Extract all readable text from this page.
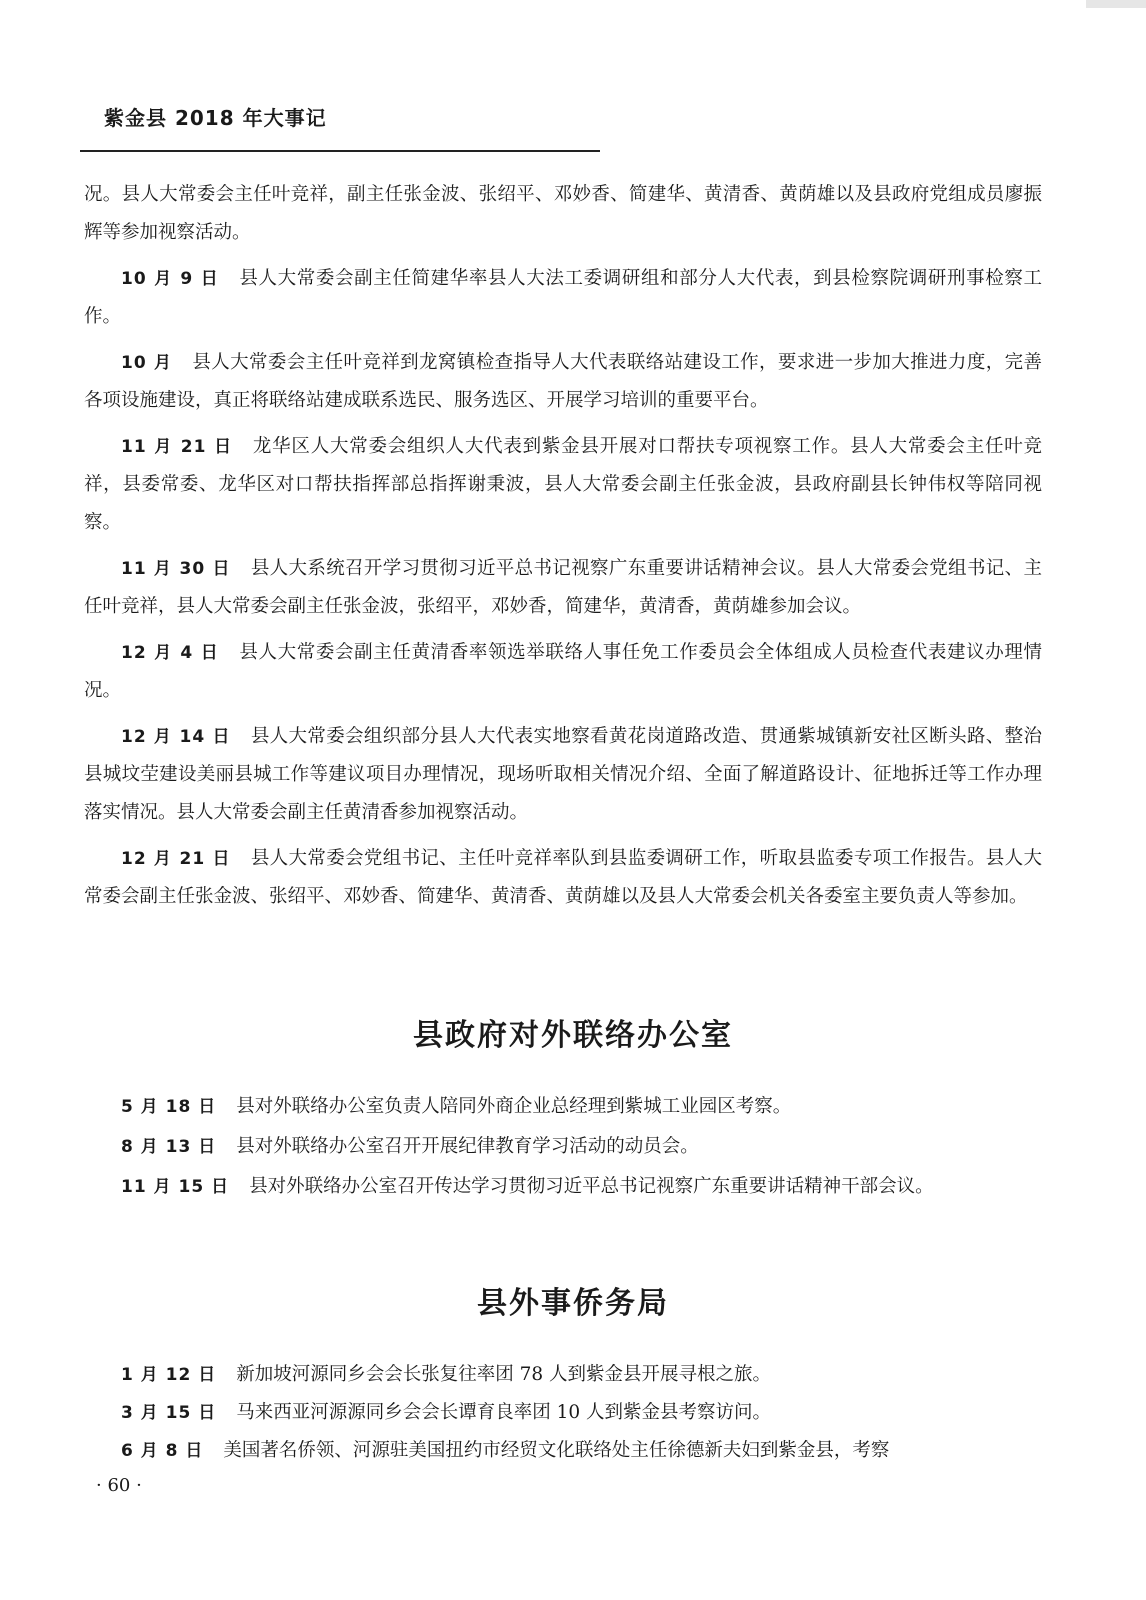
紫金县 2018 年大事记

况。县人大常委会主任叶竞祥，副主任张金波、张绍平、邓妙香、简建华、黄清香、黄荫雄以及县政府党组成员廖振辉等参加视察活动。

10 月 9 日 县人大常委会副主任简建华率县人大法工委调研组和部分人大代表，到县检察院调研刑事检察工作。

10 月 县人大常委会主任叶竞祥到龙窝镇检查指导人大代表联络站建设工作，要求进一步加大推进力度，完善各项设施建设，真正将联络站建成联系选民、服务选区、开展学习培训的重要平台。

11 月 21 日 龙华区人大常委会组织人大代表到紫金县开展对口帮扶专项视察工作。县人大常委会主任叶竞祥，县委常委、龙华区对口帮扶指挥部总指挥谢秉波，县人大常委会副主任张金波，县政府副县长钟伟权等陪同视察。

11 月 30 日 县人大系统召开学习贯彻习近平总书记视察广东重要讲话精神会议。县人大常委会党组书记、主任叶竞祥，县人大常委会副主任张金波，张绍平，邓妙香，简建华，黄清香，黄荫雄参加会议。

12 月 4 日 县人大常委会副主任黄清香率领选举联络人事任免工作委员会全体组成人员检查代表建议办理情况。

12 月 14 日 县人大常委会组织部分县人大代表实地察看黄花岗道路改造、贯通紫城镇新安社区断头路、整治县城坟茔建设美丽县城工作等建议项目办理情况，现场听取相关情况介绍、全面了解道路设计、征地拆迁等工作办理落实情况。县人大常委会副主任黄清香参加视察活动。

12 月 21 日 县人大常委会党组书记、主任叶竞祥率队到县监委调研工作，听取县监委专项工作报告。县人大常委会副主任张金波、张绍平、邓妙香、简建华、黄清香、黄荫雄以及县人大常委会机关各委室主要负责人等参加。

县政府对外联络办公室

5 月 18 日 县对外联络办公室负责人陪同外商企业总经理到紫城工业园区考察。

8 月 13 日 县对外联络办公室召开开展纪律教育学习活动的动员会。

11 月 15 日 县对外联络办公室召开传达学习贯彻习近平总书记视察广东重要讲话精神干部会议。

县外事侨务局

1 月 12 日 新加坡河源同乡会会长张复往率团 78 人到紫金县开展寻根之旅。

3 月 15 日 马来西亚河源源同乡会会长谭育良率团 10 人到紫金县考察访问。

6 月 8 日 美国著名侨领、河源驻美国扭约市经贸文化联络处主任徐德新夫妇到紫金县，考察

· 60 ·
